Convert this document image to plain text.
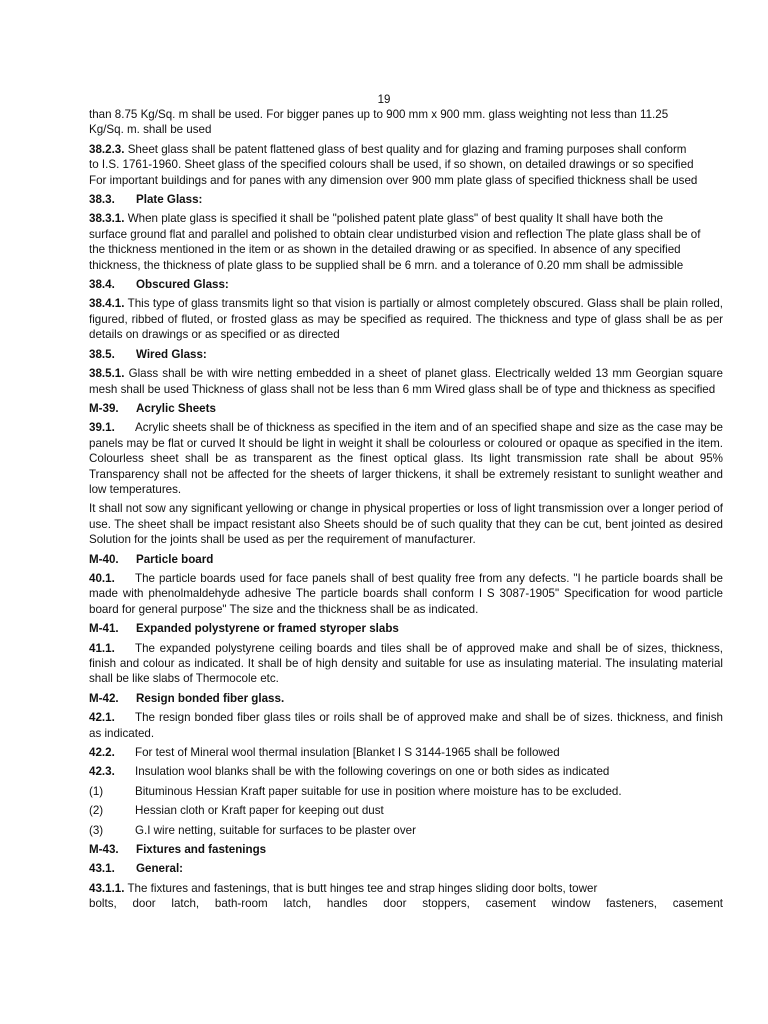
19

than 8.75 Kg/Sq. m shall be used. For bigger panes up to 900 mm x 900 mm. glass weighting not less than 11.25
Kg/Sq. m. shall be used

38.2.3. Sheet glass shall be patent flattened glass of best quality and for glazing and framing purposes shall conform
to I.S. 1761-1960. Sheet glass of the specified colours shall be used, if so shown, on detailed drawings or so specified
For important buildings and for panes with any dimension over 900 mm plate glass of specified thickness shall be used

38.3.	Plate Glass:

38.3.1. When plate glass is specified it shall be "polished patent plate glass" of best quality It shall have both the
surface ground flat and parallel and polished to obtain clear undisturbed vision and reflection The plate glass shall be of
the thickness mentioned in the item or as shown in the detailed drawing or as specified. In absence of any specified
thickness, the thickness of plate glass to be supplied shall be 6 mrn. and a tolerance of 0.20 mm shall be admissible

38.4.	Obscured Glass:

38.4.1. This type of glass transmits light so that vision is partially or almost completely obscured. Glass shall be plain rolled, figured, ribbed of fluted, or frosted glass as may be specified as required. The thickness and type of glass shall be as per details on drawings or as specified or as directed

38.5.	Wired Glass:

38.5.1. Glass shall be with wire netting embedded in a sheet of planet glass. Electrically welded 13 mm Georgian square mesh shall be used Thickness of glass shall not be less than 6 mm Wired glass shall be of type and thickness as specified

M-39.	Acrylic Sheets

39.1. Acrylic sheets shall be of thickness as specified in the item and of an specified shape and size as the case may be panels may be flat or curved It should be light in weight it shall be colourless or coloured or opaque as specified in the item. Colourless sheet shall be as transparent as the finest optical glass. Its light transmission rate shall be about 95% Transparency shall not be affected for the sheets of larger thickens, it shall be extremely resistant to sunlight weather and low temperatures.

It shall not sow any significant yellowing or change in physical properties or loss of light transmission over a longer period of use. The sheet shall be impact resistant also Sheets should be of such quality that they can be cut, bent jointed as desired Solution for the joints shall be used as per the requirement of manufacturer.

M-40.	Particle board

40.1. The particle boards used for face panels shall of best quality free from any defects. "I he particle boards shall be made with phenolmaldehyde adhesive The particle boards shall conform I S 3087-1905" Specification for wood particle board for general purpose" The size and the thickness shall be as indicated.

M-41.	Expanded polystyrene or framed styroper slabs

41.1. The expanded polystyrene ceiling boards and tiles shall be of approved make and shall be of sizes, thickness, finish and colour as indicated. It shall be of high density and suitable for use as insulating material. The insulating material shall be like slabs of Thermocole etc.

M-42.	Resign bonded fiber glass.

42.1. The resign bonded fiber glass tiles or roils shall be of approved make and shall be of sizes. thickness, and finish as indicated.

42.2.	For test of Mineral wool thermal insulation [Blanket I S 3144-1965 shall be followed
42.3.	Insulation wool blanks shall be with the following coverings on one or both sides as indicated
(1)	Bituminous Hessian Kraft paper suitable for use in position where moisture has to be excluded.
(2)	Hessian cloth or Kraft paper for keeping out dust
(3)	G.I wire netting, suitable for surfaces to be plaster over
M-43.	Fixtures and fastenings
43.1.	General:

43.1.1. The fixtures and fastenings, that is butt hinges tee and strap hinges sliding door bolts, tower
bolts, door latch, bath-room latch, handles door stoppers, casement window fasteners, casement
